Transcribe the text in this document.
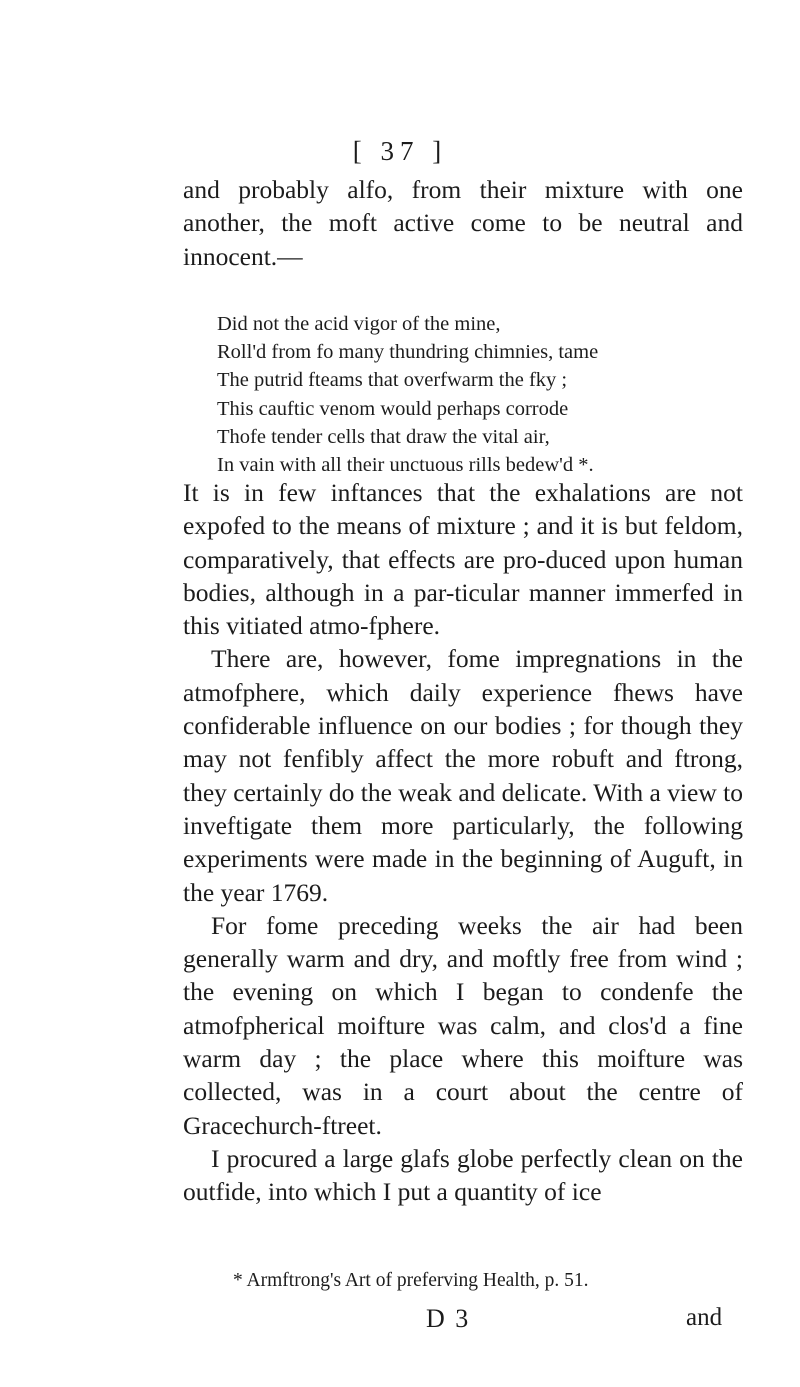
[ 37 ]

and probably alfo, from their mixture with one another, the moft active come to be neutral and innocent.—

Did not the acid vigor of the mine,
Roll'd from fo many thundring chimnies, tame
The putrid fteams that overfwarm the fky ;
This cauftic venom would perhaps corrode
Thofe tender cells that draw the vital air,
In vain with all their unctuous rills bedew'd *.

It is in few inftances that the exhalations are not expofed to the means of mixture ; and it is but feldom, comparatively, that effects are pro-duced upon human bodies, although in a par-ticular manner immerfed in this vitiated atmo-fphere.

There are, however, fome impregnations in the atmofphere, which daily experience fhews have confiderable influence on our bodies ; for though they may not fenfibly affect the more robuft and ftrong, they certainly do the weak and delicate. With a view to inveftigate them more particularly, the following experiments were made in the beginning of Auguft, in the year 1769.

For fome preceding weeks the air had been generally warm and dry, and moftly free from wind ; the evening on which I began to condenfe the atmofpherical moifture was calm, and clos'd a fine warm day ; the place where this moifture was collected, was in a court about the centre of Gracechurch-ftreet.

I procured a large glafs globe perfectly clean on the outfide, into which I put a quantity of ice

* Armftrong's Art of preferving Health, p. 51.
D 3	and
